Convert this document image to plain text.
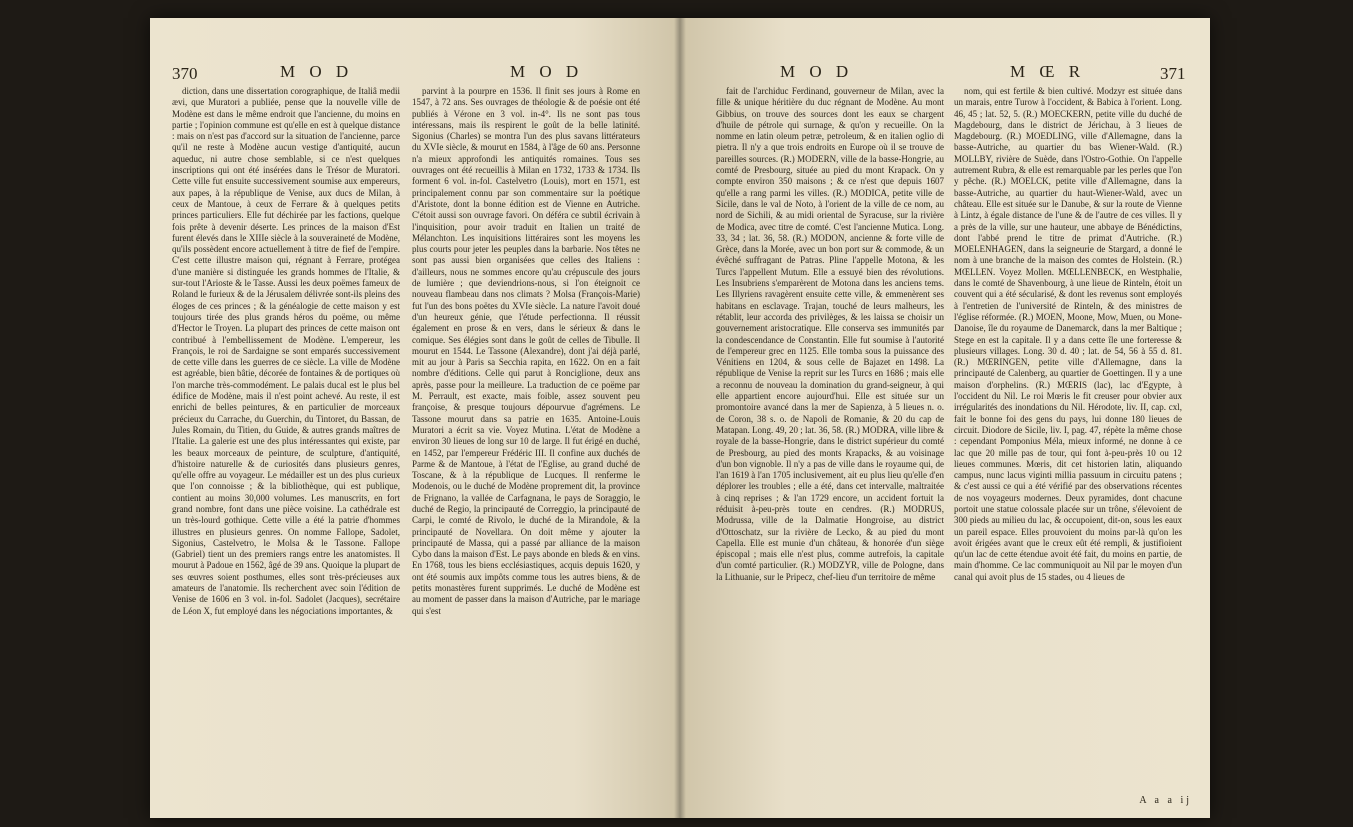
370	M O D	M O D

diction, dans une dissertation corographique, de Italiâ medii ævi, que Muratori a publiée, pense que la nouvelle ville de Modène est dans le même endroit que l'ancienne, du moins en partie ; l'opinion commune est qu'elle en est à quelque distance : mais on n'est pas d'accord sur la situation de l'ancienne, parce qu'il ne reste à Modène aucun vestige d'antiquité, aucun aqueduc, ni autre chose semblable, si ce n'est quelques inscriptions qui ont été insérées dans le Trésor de Muratori. Cette ville fut ensuite successivement soumise aux empereurs, aux papes, à la république de Venise, aux ducs de Milan, à ceux de Mantoue, à ceux de Ferrare & à quelques petits princes particuliers. Elle fut déchirée par les factions, quelque fois prête à devenir déserte. Les princes de la maison d'Est furent élevés dans le XIIIe siècle à la souveraineté de Modène, qu'ils possèdent encore actuellement à titre de fief de l'empire. C'est cette illustre maison qui, régnant à Ferrare, protégea d'une manière si distinguée les grands hommes de l'Italie, & sur-tout l'Arioste & le Tasse. Aussi les deux poëmes fameux de Roland le furieux & de la Jérusalem délivrée sont-ils pleins des éloges de ces princes ; & la généalogie de cette maison y est toujours tirée des plus grands héros du poëme, ou même d'Hector le Troyen. La plupart des princes de cette maison ont contribué à l'embellissement de Modène. L'empereur, les François, le roi de Sardaigne se sont emparés successivement de cette ville dans les guerres de ce siècle. La ville de Modène est agréable, bien bâtie, décorée de fontaines & de portiques où l'on marche très-commodément. Le palais ducal est le plus bel édifice de Modène, mais il n'est point achevé. Au reste, il est enrichi de belles peintures, & en particulier de morceaux précieux du Carrache, du Guerchin, du Tintoret, du Bassan, de Jules Romain, du Titien, du Guide, & autres grands maîtres de l'Italie. La galerie est une des plus intéressantes qui existe, par les beaux morceaux de peinture, de sculpture, d'antiquité, d'histoire naturelle & de curiosités dans plusieurs genres, qu'elle offre au voyageur. Le médailler est un des plus curieux que l'on connoisse ; & la bibliothèque, qui est publique, contient au moins 30,000 volumes. Les manuscrits, en fort grand nombre, font dans une pièce voisine. La cathédrale est un très-lourd gothique. Cette ville a été la patrie d'hommes illustres en plusieurs genres. On nomme Fallope, Sadolet, Sigonius, Castelvetro, le Molsa & le Tassone. Fallope (Gabriel) tient un des premiers rangs entre les anatomistes. Il mourut à Padoue en 1562, âgé de 39 ans. Quoique la plupart de ses œuvres soient posthumes, elles sont très-précieuses aux amateurs de l'anatomie. Ils recherchent avec soin l'édition de Venise de 1606 en 3 vol. in-fol. Sadolet (Jacques), secrétaire de Léon X, fut employé dans les négociations importantes, &

parvint à la pourpre en 1536. Il finit ses jours à Rome en 1547, à 72 ans. Ses ouvrages de théologie & de poésie ont été publiés à Vérone en 3 vol. in-4°. Ils ne sont pas tous intéressans, mais ils respirent le goût de la belle latinité. Sigonius (Charles) se montra l'un des plus savans littérateurs du XVIe siècle, & mourut en 1584, à l'âge de 60 ans. Personne n'a mieux approfondi les antiquités romaines. Tous ses ouvrages ont été recueillis à Milan en 1732, 1733 & 1734. Ils forment 6 vol. in-fol. Castelvetro (Louis), mort en 1571, est principalement connu par son commentaire sur la poétique d'Aristote, dont la bonne édition est de Vienne en Autriche. C'étoit aussi son ouvrage favori. On déféra ce subtil écrivain à l'inquisition, pour avoir traduit en Italien un traité de Mélanchton. Les inquisitions littéraires sont les moyens les plus courts pour jeter les peuples dans la barbarie. Nos têtes ne sont pas aussi bien organisées que celles des Italiens : d'ailleurs, nous ne sommes encore qu'au crépuscule des jours de lumière ; que deviendrions-nous, si l'on éteignoit ce nouveau flambeau dans nos climats ? Molsa (François-Marie) fut l'un des bons poëtes du XVIe siècle. La nature l'avoit doué d'un heureux génie, que l'étude perfectionna. Il réussit également en prose & en vers, dans le sérieux & dans le comique. Ses élégies sont dans le goût de celles de Tibulle. Il mourut en 1544. Le Tassone (Alexandre), dont j'ai déjà parlé, mit au jour à Paris sa Secchia rapita, en 1622. On en a fait nombre d'éditions. Celle qui parut à Ronciglione, deux ans après, passe pour la meilleure. La traduction de ce poëme par M. Perrault, est exacte, mais foible, assez souvent peu françoise, & presque toujours dépourvue d'agrémens. Le Tassone mourut dans sa patrie en 1635. Antoine-Louis Muratori a écrit sa vie. Voyez Mutina. L'état de Modène a environ 30 lieues de long sur 10 de large. Il fut érigé en duché, en 1452, par l'empereur Frédéric III. Il confine aux duchés de Parme & de Mantoue, à l'état de l'Eglise, au grand duché de Toscane, & à la république de Lucques. Il renferme le Modenois, ou le duché de Modène proprement dit, la province de Frignano, la vallée de Carfagnana, le pays de Soraggio, le duché de Regio, la principauté de Correggio, la principauté de Carpi, le comté de Rivolo, le duché de la Mirandole, & la principauté de Novellara. On doit même y ajouter la principauté de Massa, qui a passé par alliance de la maison Cybo dans la maison d'Est. Le pays abonde en bleds & en vins. En 1768, tous les biens ecclésiastiques, acquis depuis 1620, y ont été soumis aux impôts comme tous les autres biens, & de petits monastères furent supprimés. Le duché de Modène est au moment de passer dans la maison d'Autriche, par le mariage qui s'est

M O D	M Œ R	371

fait de l'archiduc Ferdinand, gouverneur de Milan, avec la fille & unique héritière du duc régnant de Modène. Au mont Gibbius, on trouve des sources dont les eaux se chargent d'huile de pétrole qui surnage, & qu'on y recueille. On la nomme en latin oleum petræ, petroleum, & en italien oglio di pietra. Il n'y a que trois endroits en Europe où il se trouve de pareilles sources. (R.) MODERN, ville de la basse-Hongrie, au comté de Presbourg, située au pied du mont Krapack. On y compte environ 350 maisons ; & ce n'est que depuis 1607 qu'elle a rang parmi les villes. (R.) MODICA, petite ville de Sicile, dans le val de Noto, à l'orient de la ville de ce nom, au nord de Sichili, & au midi oriental de Syracuse, sur la rivière de Modica, avec titre de comté. C'est l'ancienne Mutica. Long. 33, 34 ; lat. 36, 58. (R.) MODON, ancienne & forte ville de Grèce, dans la Morée, avec un bon port sur & commode, & un évêché suffragant de Patras. Pline l'appelle Motona, & les Turcs l'appellent Mutum. Elle a essuyé bien des révolutions. Les Insubriens s'emparèrent de Motona dans les anciens tems. Les Illyriens ravagèrent ensuite cette ville, & emmenèrent ses habitans en esclavage. Trajan, touché de leurs malheurs, les rétablit, leur accorda des privilèges, & les laissa se choisir un gouvernement aristocratique. Elle conserva ses immunités par la condescendance de Constantin. Elle fut soumise à l'autorité de l'empereur grec en 1125. Elle tomba sous la puissance des Vénitiens en 1204, & sous celle de Bajazet en 1498. La république de Venise la reprit sur les Turcs en 1686 ; mais elle a reconnu de nouveau la domination du grand-seigneur, à qui elle appartient encore aujourd'hui. Elle est située sur un promontoire avancé dans la mer de Sapienza, à 5 lieues n. o. de Coron, 38 s. o. de Napoli de Romanie, & 20 du cap de Matapan. Long. 49, 20 ; lat. 36, 58. (R.) MODRA, ville libre & royale de la basse-Hongrie, dans le district supérieur du comté de Presbourg, au pied des monts Krapacks, & au voisinage d'un bon vignoble. Il n'y a pas de ville dans le royaume qui, de l'an 1619 à l'an 1705 inclusivement, ait eu plus lieu qu'elle d'en déplorer les troubles ; elle a été, dans cet intervalle, maltraitée à cinq reprises ; & l'an 1729 encore, un accident fortuit la réduisit à-peu-près toute en cendres. (R.) MODRUS, Modrussa, ville de la Dalmatie Hongroise, au district d'Ottoschatz, sur la rivière de Lecko, & au pied du mont Capella. Elle est munie d'un château, & honorée d'un siège épiscopal ; mais elle n'est plus, comme autrefois, la capitale d'un comté particulier. (R.) MODZYR, ville de Pologne, dans la Lithuanie, sur le Pripecz, chef-lieu d'un territoire de même

nom, qui est fertile & bien cultivé. Modzyr est située dans un marais, entre Turow à l'occident, & Babica à l'orient. Long. 46, 45 ; lat. 52, 5. (R.) MOECKERN, petite ville du duché de Magdebourg, dans le district de Jérichau, à 3 lieues de Magdebourg. (R.) MOEDLING, ville d'Allemagne, dans la basse-Autriche, au quartier du bas Wiener-Wald. (R.) MOLLBY, rivière de Suède, dans l'Ostro-Gothie. On l'appelle autrement Rubra, & elle est remarquable par les perles que l'on y pêche. (R.) MOELCK, petite ville d'Allemagne, dans la basse-Autriche, au quartier du haut-Wiener-Wald, avec un château. Elle est située sur le Danube, & sur la route de Vienne à Lintz, à égale distance de l'une & de l'autre de ces villes. Il y a près de la ville, sur une hauteur, une abbaye de Bénédictins, dont l'abbé prend le titre de primat d'Autriche. (R.) MOELENHAGEN, dans la seigneurie de Stargard, a donné le nom à une branche de la maison des comtes de Holstein. (R.) MŒLLEN. Voyez Mollen. MŒLLENBECK, en Westphalie, dans le comté de Shavenbourg, à une lieue de Rinteln, étoit un couvent qui a été sécularisé, & dont les revenus sont employés à l'entretien de l'université de Rinteln, & des ministres de l'église réformée. (R.) MOEN, Moone, Mow, Muen, ou Mone-Danoise, île du royaume de Danemarck, dans la mer Baltique ; Stege en est la capitale. Il y a dans cette île une forteresse & plusieurs villages. Long. 30 d. 40 ; lat. de 54, 56 à 55 d. 81. (R.) MŒRINGEN, petite ville d'Allemagne, dans la principauté de Calenberg, au quartier de Goettingen. Il y a une maison d'orphelins. (R.) MŒRIS (lac), lac d'Egypte, à l'occident du Nil. Le roi Mœris le fit creuser pour obvier aux irrégularités des inondations du Nil. Hérodote, liv. II, cap. cxl, fait le bonne foi des gens du pays, lui donne 180 lieues de circuit. Diodore de Sicile, liv. I, pag. 47, répète la même chose : cependant Pomponius Méla, mieux informé, ne donne à ce lac que 20 mille pas de tour, qui font à-peu-près 10 ou 12 lieues communes. Mœris, dit cet historien latin, aliquando campus, nunc lacus viginti millia passuum in circuitu patens ; & c'est aussi ce qui a été vérifié par des observations récentes de nos voyageurs modernes. Deux pyramides, dont chacune portoit une statue colossale placée sur un trône, s'élevoient de 300 pieds au milieu du lac, & occupoient, dit-on, sous les eaux un pareil espace. Elles prouvoient du moins par-là qu'on les avoit érigées avant que le creux eût été rempli, & justifioient qu'un lac de cette étendue avoit été fait, du moins en partie, de main d'homme. Ce lac communiquoit au Nil par le moyen d'un canal qui avoit plus de 15 stades, ou 4 lieues de

A a a ij
